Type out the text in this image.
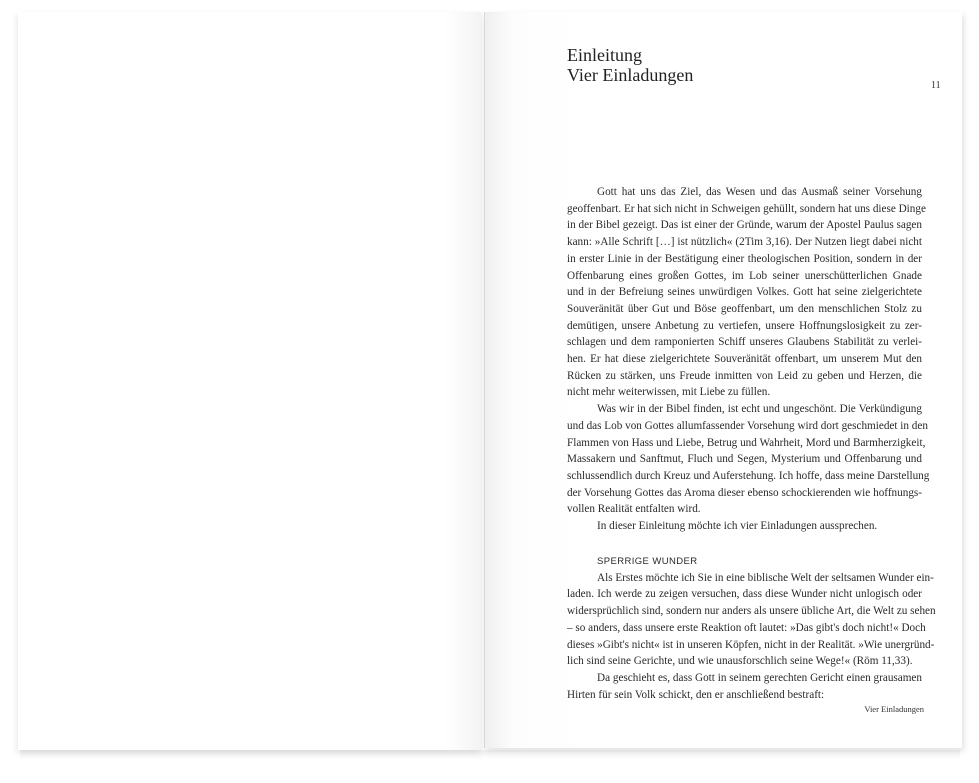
Einleitung
Vier Einladungen
11
Gott hat uns das Ziel, das Wesen und das Ausmaß seiner Vorsehung
geoffenbart. Er hat sich nicht in Schweigen gehüllt, sondern hat uns diese Dinge
in der Bibel gezeigt. Das ist einer der Gründe, warum der Apostel Paulus sagen
kann: »Alle Schrift […] ist nützlich« (2Tim 3,16). Der Nutzen liegt dabei nicht
in erster Linie in der Bestätigung einer theologischen Position, sondern in der
Offenbarung eines großen Gottes, im Lob seiner unerschütterlichen Gnade
und in der Befreiung seines unwürdigen Volkes. Gott hat seine zielgerichtete
Souveränität über Gut und Böse geoffenbart, um den menschlichen Stolz zu
demütigen, unsere Anbetung zu vertiefen, unsere Hoffnungslosigkeit zu zer-
schlagen und dem ramponierten Schiff unseres Glaubens Stabilität zu verlei-
hen. Er hat diese zielgerichtete Souveränität offenbart, um unserem Mut den
Rücken zu stärken, uns Freude inmitten von Leid zu geben und Herzen, die
nicht mehr weiterwissen, mit Liebe zu füllen.
Was wir in der Bibel finden, ist echt und ungeschönt. Die Verkündigung
und das Lob von Gottes allumfassender Vorsehung wird dort geschmiedet in den
Flammen von Hass und Liebe, Betrug und Wahrheit, Mord und Barmherzigkeit,
Massakern und Sanftmut, Fluch und Segen, Mysterium und Offenbarung und
schlussendlich durch Kreuz und Auferstehung. Ich hoffe, dass meine Darstellung
der Vorsehung Gottes das Aroma dieser ebenso schockierenden wie hoffnungs-
vollen Realität entfalten wird.
In dieser Einleitung möchte ich vier Einladungen aussprechen.
SPERRIGE WUNDER
Als Erstes möchte ich Sie in eine biblische Welt der seltsamen Wunder ein-
laden. Ich werde zu zeigen versuchen, dass diese Wunder nicht unlogisch oder
widersprüchlich sind, sondern nur anders als unsere übliche Art, die Welt zu sehen
– so anders, dass unsere erste Reaktion oft lautet: »Das gibt's doch nicht!« Doch
dieses »Gibt's nicht« ist in unseren Köpfen, nicht in der Realität. »Wie unergründ-
lich sind seine Gerichte, und wie unausforschlich seine Wege!« (Röm 11,33).
Da geschieht es, dass Gott in seinem gerechten Gericht einen grausamen
Hirten für sein Volk schickt, den er anschließend bestraft:
Vier Einladungen
